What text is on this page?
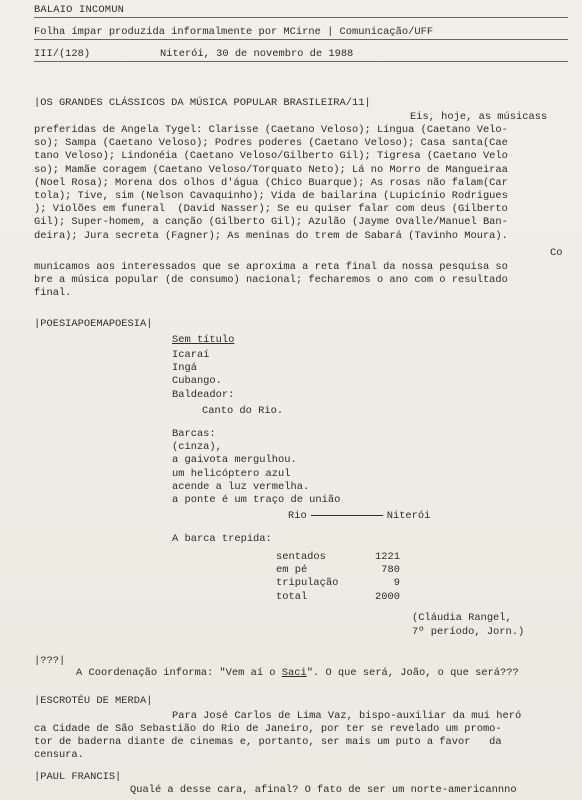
BALAIO INCOMUN
Folha ímpar produzida informalmente por MCirne | Comunicação/UFF
III/(128)	Niterói, 30 de novembro de 1988
|OS GRANDES CLÁSSICOS DA MÚSICA POPULAR BRASILEIRA/11|
Eis, hoje, as músicass
preferidas de Angela Tygel: Clarisse (Caetano Veloso); Língua (Caetano Velo-
so); Sampa (Caetano Veloso); Podres poderes (Caetano Veloso); Casa santa(Cae
tano Veloso); Lindonéia (Caetano Veloso/Gilberto Gil); Tigresa (Caetano Velo
so); Mamãe coragem (Caetano Veloso/Torquato Neto); Lá no Morro de Mangueiraa
(Noel Rosa); Morena dos olhos d'água (Chico Buarque); As rosas não falam(Car
tola); Tive, sim (Nelson Cavaquinho); Vida de bailarina (Lupicínio Rodrigues
); Violões em funeral  (David Nasser); Se eu quiser falar com deus (Gilberto
Gil); Super-homem, a canção (Gilberto Gil); Azulão (Jayme Ovalle/Manuel Ban-
deira); Jura secreta (Fagner); As meninas do trem de Sabará (Tavinho Moura).
Co
municamos aos interessados que se aproxima a reta final da nossa pesquisa so
bre a música popular (de consumo) nacional; fecharemos o ano com o resultado
final.
|POESIAPOEMAPOESIA|
Sem título
Icaraí
Ingá
Cubango.
Baldeador:
Canto do Rio.
Barcas:
(cinza),
a gaivota mergulhou.
um helicóptero azul
acende a luz vermelha.
a ponte é um traço de união
Rio	Niterói
A barca trepida:
sentados	1221
em pé	780
tripulação	9
total	2000
(Cláudia Rangel,
7º período, Jorn.)
|???|
A Coordenação informa: "Vem aí o Saci". O que será, João, o que será???
|ESCROTÉU DE MERDA|
Para José Carlos de Lima Vaz, bispo-auxiliar da mui heró
ca Cidade de São Sebastião do Rio de Janeiro, por ter se revelado um promo-
tor de baderna diante de cinemas e, portanto, ser mais um puto a favor   da
censura.
|PAUL FRANCIS|
Qualé a desse cara, afinal? O fato de ser um norte-americannno
